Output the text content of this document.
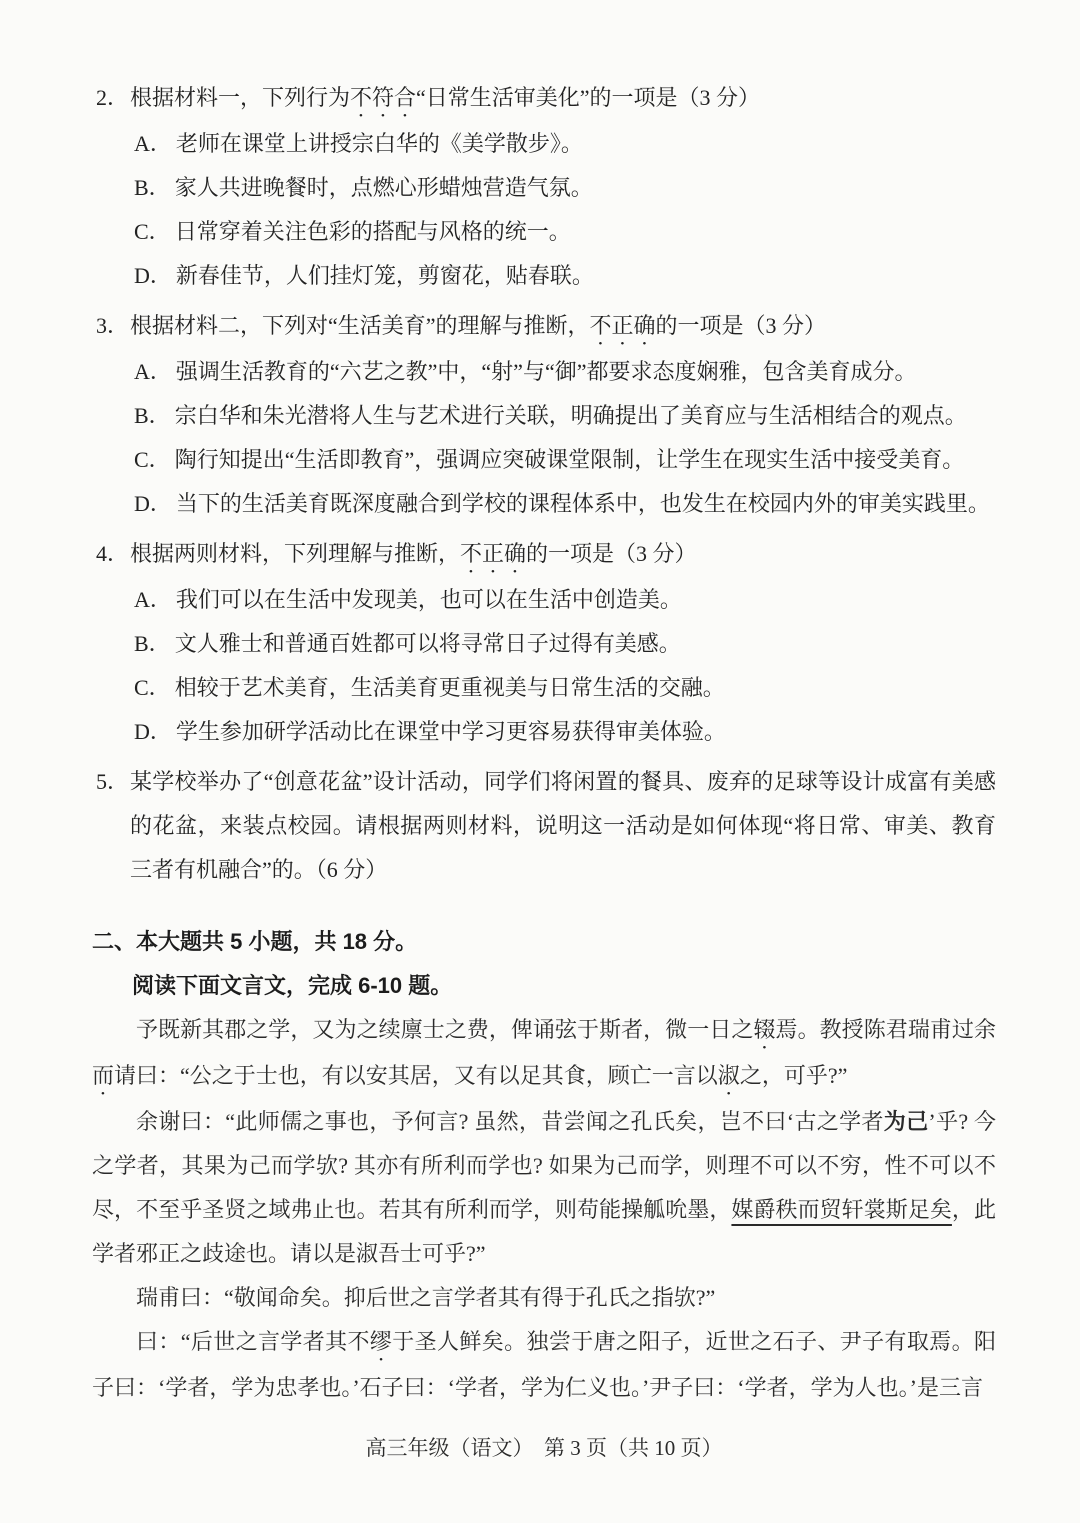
2． 根据材料一，下列行为不符合“日常生活审美化”的一项是（3 分）
A． 老师在课堂上讲授宗白华的《美学散步》。
B． 家人共进晚餐时，点燃心形蜡烛营造气氛。
C． 日常穿着关注色彩的搭配与风格的统一。
D． 新春佳节，人们挂灯笼，剪窗花，贴春联。
3． 根据材料二，下列对“生活美育”的理解与推断，不正确的一项是（3 分）
A． 强调生活教育的“六艺之教”中，“射”与“御”都要求态度娴雅，包含美育成分。
B． 宗白华和朱光潜将人生与艺术进行关联，明确提出了美育应与生活相结合的观点。
C． 陶行知提出“生活即教育”，强调应突破课堂限制，让学生在现实生活中接受美育。
D． 当下的生活美育既深度融合到学校的课程体系中，也发生在校园内外的审美实践里。
4． 根据两则材料，下列理解与推断，不正确的一项是（3 分）
A． 我们可以在生活中发现美，也可以在生活中创造美。
B． 文人雅士和普通百姓都可以将寻常日子过得有美感。
C． 相较于艺术美育，生活美育更重视美与日常生活的交融。
D． 学生参加研学活动比在课堂中学习更容易获得审美体验。
5． 某学校举办了“创意花盆”设计活动，同学们将闲置的餐具、废弃的足球等设计成富有美感的花盆，来装点校园。请根据两则材料，说明这一活动是如何体现“将日常、审美、教育三者有机融合”的。（6 分）
二、本大题共 5 小题，共 18 分。
阅读下面文言文，完成 6-10 题。

予既新其郡之学，又为之续廪士之费，俾诵弦于斯者，微一日之辍焉。教授陈君瑞甫过余而请曰：“公之于士也，有以安其居，又有以足其食，顾亡一言以淑之，可乎?”

余谢曰：“此师儒之事也，予何言? 虽然，昔尝闻之孔氏矣，岂不曰‘古之学者为己’乎? 今之学者，其果为己而学欤? 其亦有所利而学也? 如果为己而学，则理不可以不穷，性不可以不尽，不至乎圣贤之域弗止也。若其有所利而学，则苟能操觚吮墨，媒爵秩而贸轩裳斯足矣，此学者邪正之歧途也。请以是淑吾士可乎?”

瑞甫曰：“敬闻命矣。抑后世之言学者其有得于孔氏之指欤?”

曰：“后世之言学者其不缪于圣人鲜矣。独尝于唐之阳子，近世之石子、尹子有取焉。阳子曰：‘学者，学为忠孝也。’石子曰：‘学者，学为仁义也。’尹子曰：‘学者，学为人也。’是三言

高三年级（语文）　第 3 页（共 10 页）
